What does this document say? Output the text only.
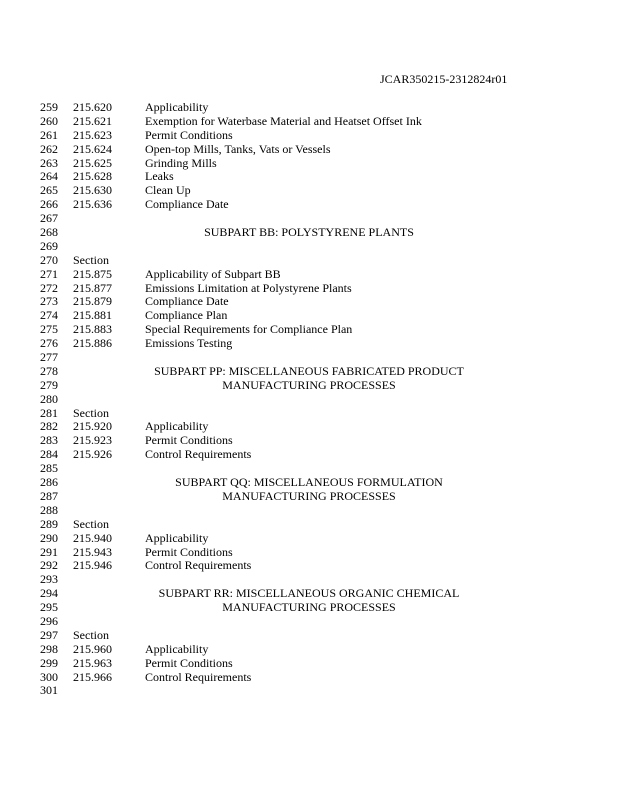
JCAR350215-2312824r01
259 215.620	Applicability
260 215.621	Exemption for Waterbase Material and Heatset Offset Ink
261 215.623	Permit Conditions
262 215.624	Open-top Mills, Tanks, Vats or Vessels
263 215.625	Grinding Mills
264 215.628	Leaks
265 215.630	Clean Up
266 215.636	Compliance Date
267
268	SUBPART BB: POLYSTYRENE PLANTS
269
270 Section
271 215.875	Applicability of Subpart BB
272 215.877	Emissions Limitation at Polystyrene Plants
273 215.879	Compliance Date
274 215.881	Compliance Plan
275 215.883	Special Requirements for Compliance Plan
276 215.886	Emissions Testing
277
278	SUBPART PP: MISCELLANEOUS FABRICATED PRODUCT
279	MANUFACTURING PROCESSES
280
281 Section
282 215.920	Applicability
283 215.923	Permit Conditions
284 215.926	Control Requirements
285
286	SUBPART QQ: MISCELLANEOUS FORMULATION
287	MANUFACTURING PROCESSES
288
289 Section
290 215.940	Applicability
291 215.943	Permit Conditions
292 215.946	Control Requirements
293
294	SUBPART RR: MISCELLANEOUS ORGANIC CHEMICAL
295	MANUFACTURING PROCESSES
296
297 Section
298 215.960	Applicability
299 215.963	Permit Conditions
300 215.966	Control Requirements
301
